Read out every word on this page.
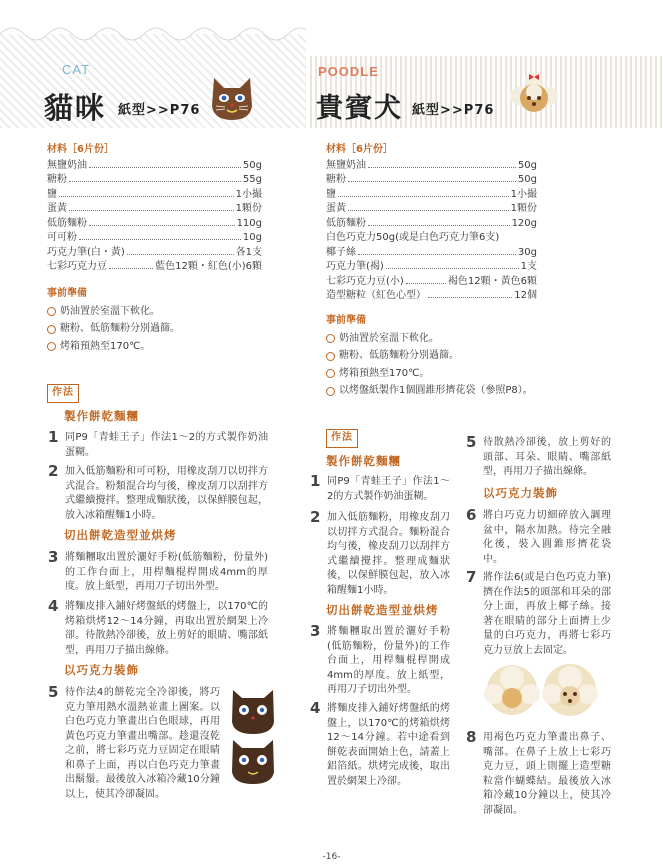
CAT
貓咪 紙型>>P76
POODLE
貴賓犬 紙型>>P76
材料［6片份］
無鹽奶油	50g
糖粉	55g
鹽	1小撮
蛋黃	1顆份
低筋麵粉	110g
可可粉	10g
巧克力筆(白・黃)	各1支
七彩巧克力豆	藍色12顆・紅色(小)6顆
事前準備
奶油置於室溫下軟化。
糖粉、低筋麵粉分別過篩。
烤箱預熱至170℃。
作法
製作餅乾麵糰
1 同P9「青蛙王子」作法1～2的方式製作奶油蛋糊。
2 加入低筋麵粉和可可粉，用橡皮刮刀以切拌方式混合。粉類混合均勻後，橡皮刮刀以刮拌方式繼續攪拌。整理成麵狀後，以保鮮膜包起，放入冰箱醒麵1小時。
切出餅乾造型並烘烤
3 將麵糰取出置於灑好手粉(低筋麵粉，份量外)的工作台面上，用桿麵棍桿開成4mm的厚度。放上紙型，再用刀子切出外型。
4 將麵皮排入鋪好烤盤紙的烤盤上，以170℃的烤箱烘烤12～14分鐘，再取出置於網架上冷卻。待散熱冷卻後，放上剪好的眼睛、嘴部紙型，再用刀子描出線條。
以巧克力裝飾
5 待作法4的餅乾完全冷卻後，將巧克力筆用熱水溫熱並畫上圖案。以白色巧克力筆畫出白色眼球，再用黃色巧克力筆畫出嘴部。趁還沒乾之前，將七彩巧克力豆固定在眼睛和鼻子上面，再以白色巧克力筆畫出鬍鬚。最後放入冰箱冷藏10分鐘以上，使其冷卻凝固。
材料［6片份］
無鹽奶油	50g
糖粉	50g
鹽	1小撮
蛋黃	1顆份
低筋麵粉	120g
白色巧克力50g(或是白色巧克力筆6支)
椰子絲	30g
巧克力筆(褐)	1支
七彩巧克力豆(小)	褐色12顆・黃色6顆
造型糖粒（紅色心型）	12個
事前準備
奶油置於室溫下軟化。
糖粉、低筋麵粉分別過篩。
烤箱預熱至170℃。
以烤盤紙製作1個圓錐形擠花袋（參照P8）。
作法
製作餅乾麵糰
1 同P9「青蛙王子」作法1～2的方式製作奶油蛋糊。
2 加入低筋麵粉，用橡皮刮刀以切拌方式混合。麵粉混合均勻後，橡皮刮刀以刮拌方式繼續攪拌。整理成麵狀後，以保鮮膜包起，放入冰箱醒麵1小時。
切出餅乾造型並烘烤
3 將麵糰取出置於灑好手粉(低筋麵粉，份量外)的工作台面上，用桿麵棍桿開成4mm的厚度。放上紙型，再用刀子切出外型。
4 將麵皮排入鋪好烤盤紙的烤盤上，以170℃的烤箱烘烤12～14分鐘。若中途看到餅乾表面開始上色，請蓋上鋁箔紙。烘烤完成後，取出置於網架上冷卻。
5 待散熱冷卻後，放上剪好的頭部、耳朵、眼睛、嘴部紙型，再用刀子描出線條。
以巧克力裝飾
6 將白巧克力切細碎放入調理盆中，隔水加熱。待完全融化後，裝入圓錐形擠花袋中。
7 將作法6(或是白色巧克力筆)擠在作法5的頭部和耳朵的部分上面，再放上椰子絲。接著在眼睛的部分上面擠上少量的白巧克力，再將七彩巧克力豆放上去固定。
8 用褐色巧克力筆畫出鼻子、嘴部。在鼻子上放上七彩巧克力豆，頭上則擺上造型糖粒當作蝴蝶結。最後放入冰箱冷藏10分鐘以上，使其冷卻凝固。
-16-
